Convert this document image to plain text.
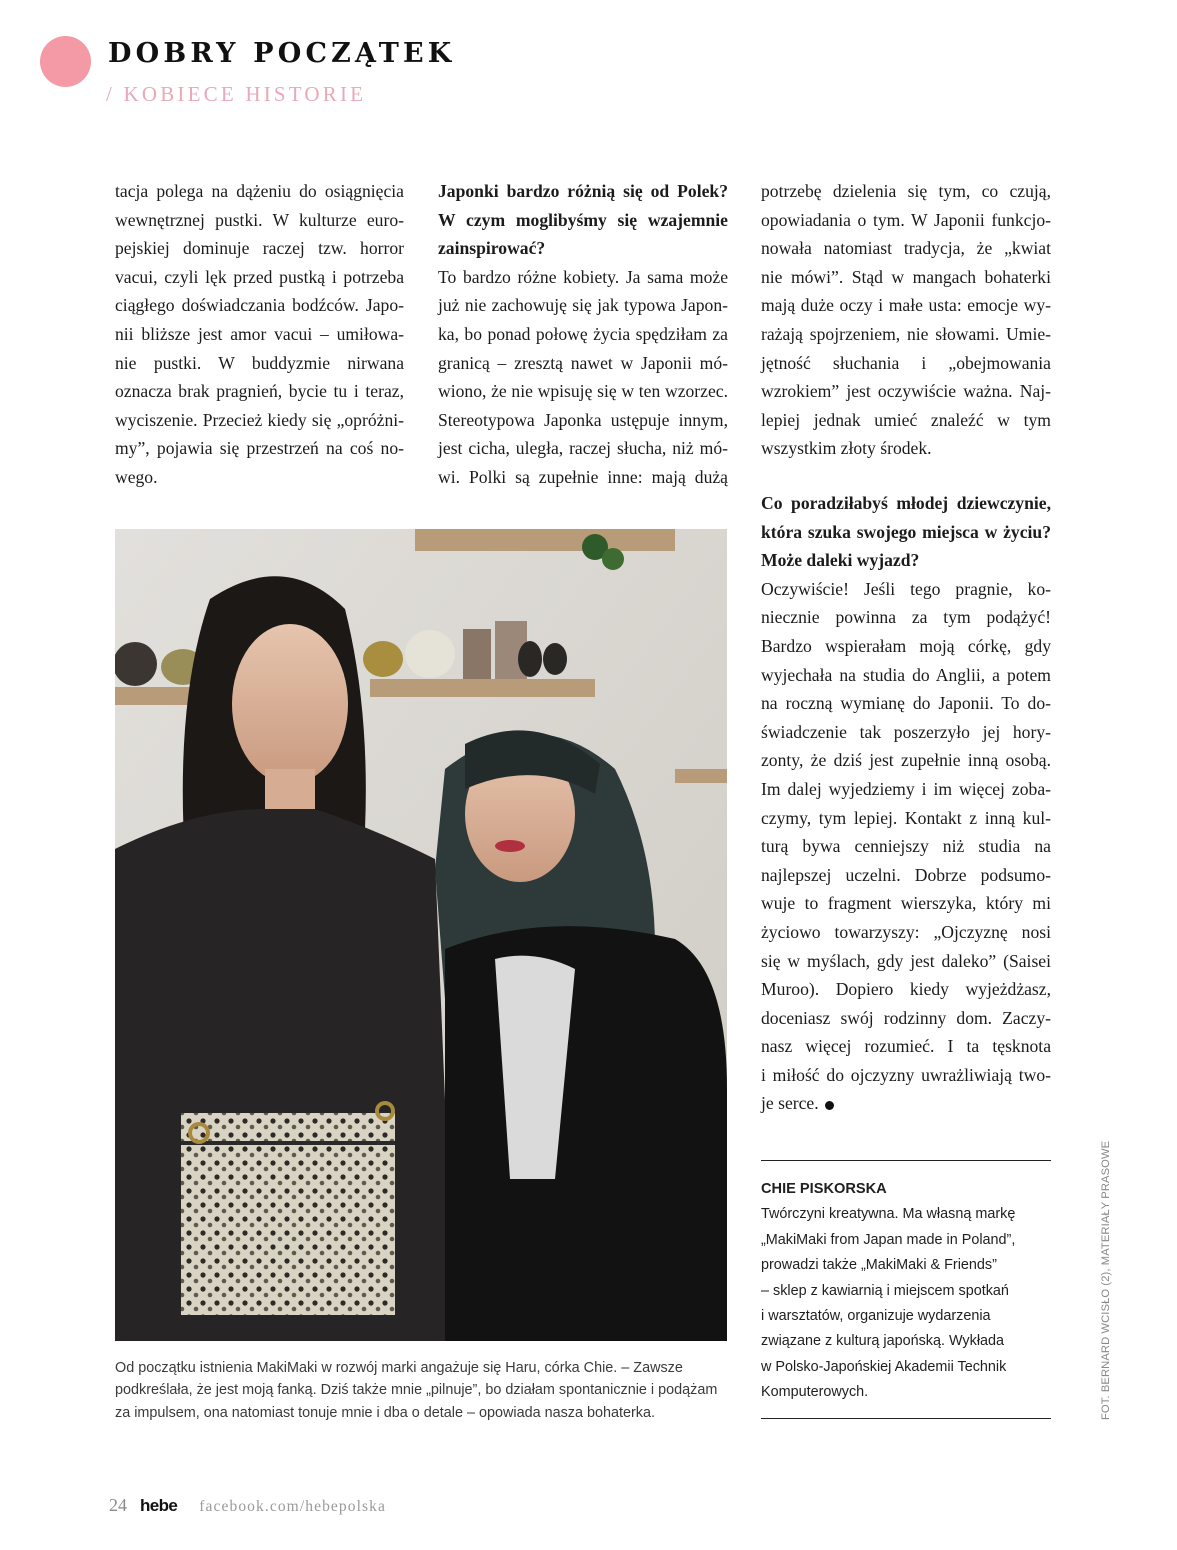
DOBRY POCZĄTEK
/ KOBIECE HISTORIE

tacja polega na dążeniu do osiągnięcia
wewnętrznej pustki. W kulturze euro-
pejskiej dominuje raczej tzw. horror
vacui, czyli lęk przed pustką i potrzeba
ciągłego doświadczania bodźców. Japo-
nii bliższe jest amor vacui – umiłowa-
nie pustki. W buddyzmie nirwana
oznacza brak pragnień, bycie tu i teraz,
wyciszenie. Przecież kiedy się „opróżni-
my”, pojawia się przestrzeń na coś no-
wego.

Japonki bardzo różnią się od Polek?
W czym moglibyśmy się wzajemnie
zainspirować?

To bardzo różne kobiety. Ja sama może
już nie zachowuję się jak typowa Japon-
ka, bo ponad połowę życia spędziłam za
granicą – zresztą nawet w Japonii mó-
wiono, że nie wpisuję się w ten wzorzec.
Stereotypowa Japonka ustępuje innym,
jest cicha, uległa, raczej słucha, niż mó-
wi. Polki są zupełnie inne: mają dużą

potrzebę dzielenia się tym, co czują,
opowiadania o tym. W Japonii funkcjo-
nowała natomiast tradycja, że „kwiat
nie mówi”. Stąd w mangach bohaterki
mają duże oczy i małe usta: emocje wy-
rażają spojrzeniem, nie słowami. Umie-
jętność słuchania i „obejmowania
wzrokiem” jest oczywiście ważna. Naj-
lepiej jednak umieć znaleźć w tym
wszystkim złoty środek.

Co poradziłabyś młodej dziewczynie,
która szuka swojego miejsca w życiu?
Może daleki wyjazd?

Oczywiście! Jeśli tego pragnie, ko-
niecznie powinna za tym podążyć!
Bardzo wspierałam moją córkę, gdy
wyjechała na studia do Anglii, a potem
na roczną wymianę do Japonii. To do-
świadczenie tak poszerzyło jej hory-
zonty, że dziś jest zupełnie inną osobą.
Im dalej wyjedziemy i im więcej zoba-
czymy, tym lepiej. Kontakt z inną kul-
turą bywa cenniejszy niż studia na
najlepszej uczelni. Dobrze podsumo-
wuje to fragment wierszyka, który mi
życiowo towarzyszy: „Ojczyznę nosi
się w myślach, gdy jest daleko” (Saisei
Muroo). Dopiero kiedy wyjeżdżasz,
doceniasz swój rodzinny dom. Zaczy-
nasz więcej rozumieć. I ta tęsknota
i miłość do ojczyzny uwrażliwiają two-
je serce.

Od początku istnienia MakiMaki w rozwój marki angażuje się Haru, córka Chie. – Zawsze
podkreślała, że jest moją fanką. Dziś także mnie „pilnuje”, bo działam spontanicznie i podążam
za impulsem, ona natomiast tonuje mnie i dba o detale – opowiada nasza bohaterka.
CHIE PISKORSKA
Twórczyni kreatywna. Ma własną markę
„MakiMaki from Japan made in Poland”,
prowadzi także „MakiMaki & Friends”
– sklep z kawiarnią i miejscem spotkań
i warsztatów, organizuje wydarzenia
związane z kulturą japońską. Wykłada
w Polsko-Japońskiej Akademii Technik
Komputerowych.	FOT. BERNARD WCISŁO (2), MATERIAŁY PRASOWE
24 hebe facebook.com/hebepolska
